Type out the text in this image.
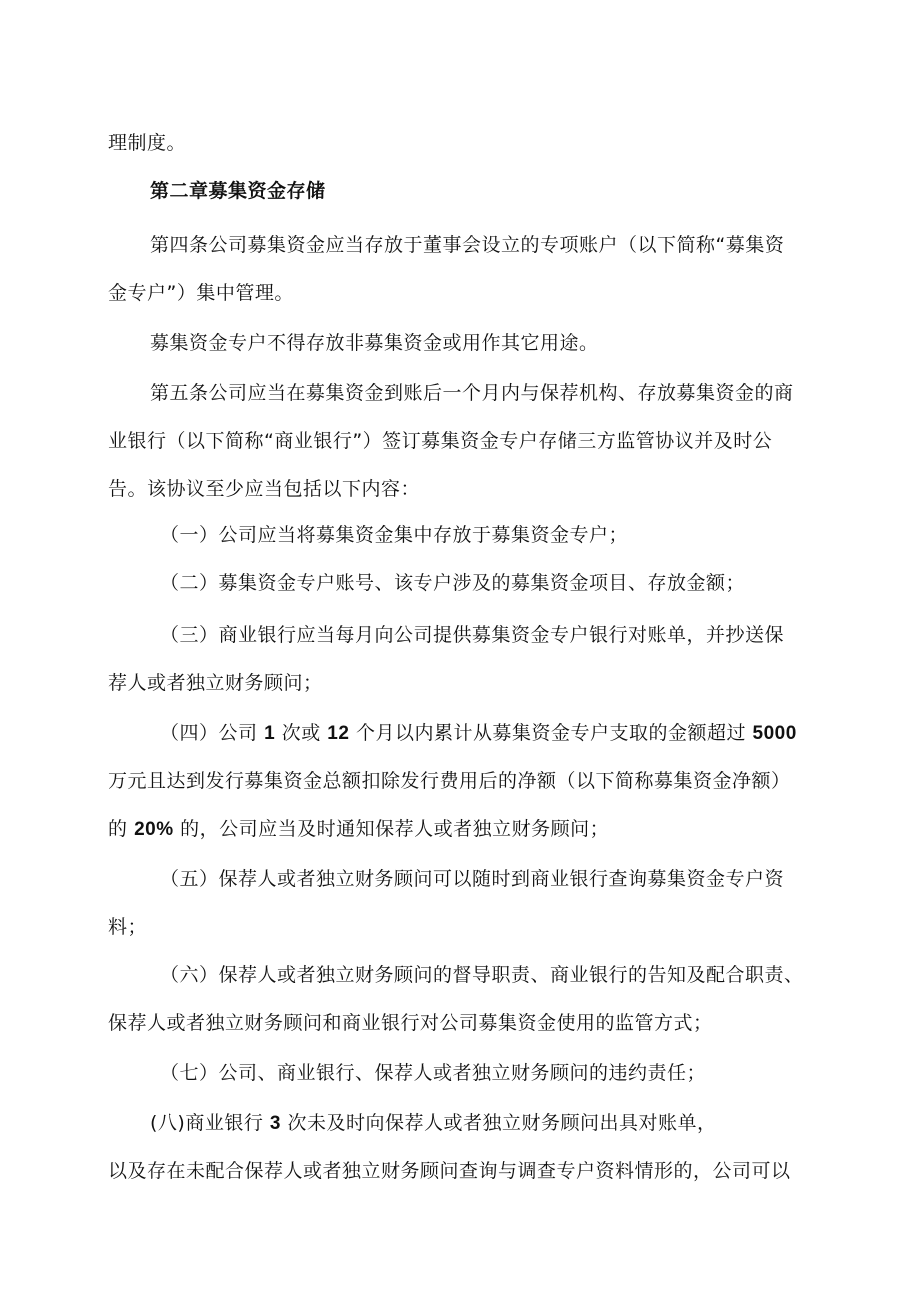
理制度。
第二章募集资金存储
第四条公司募集资金应当存放于董事会设立的专项账户（以下简称“募集资
金专户”）集中管理。
募集资金专户不得存放非募集资金或用作其它用途。
第五条公司应当在募集资金到账后一个月内与保荐机构、存放募集资金的商
业银行（以下简称“商业银行”）签订募集资金专户存储三方监管协议并及时公
告。该协议至少应当包括以下内容：
（一）公司应当将募集资金集中存放于募集资金专户；
（二）募集资金专户账号、该专户涉及的募集资金项目、存放金额；
（三）商业银行应当每月向公司提供募集资金专户银行对账单，并抄送保
荐人或者独立财务顾问；
（四）公司 1 次或 12 个月以内累计从募集资金专户支取的金额超过 5000
万元且达到发行募集资金总额扣除发行费用后的净额（以下简称募集资金净额）
的 20% 的，公司应当及时通知保荐人或者独立财务顾问；
（五）保荐人或者独立财务顾问可以随时到商业银行查询募集资金专户资
料；
（六）保荐人或者独立财务顾问的督导职责、商业银行的告知及配合职责、
保荐人或者独立财务顾问和商业银行对公司募集资金使用的监管方式；
（七）公司、商业银行、保荐人或者独立财务顾问的违约责任；
(八)商业银行 3 次未及时向保荐人或者独立财务顾问出具对账单，
以及存在未配合保荐人或者独立财务顾问查询与调查专户资料情形的，公司可以
